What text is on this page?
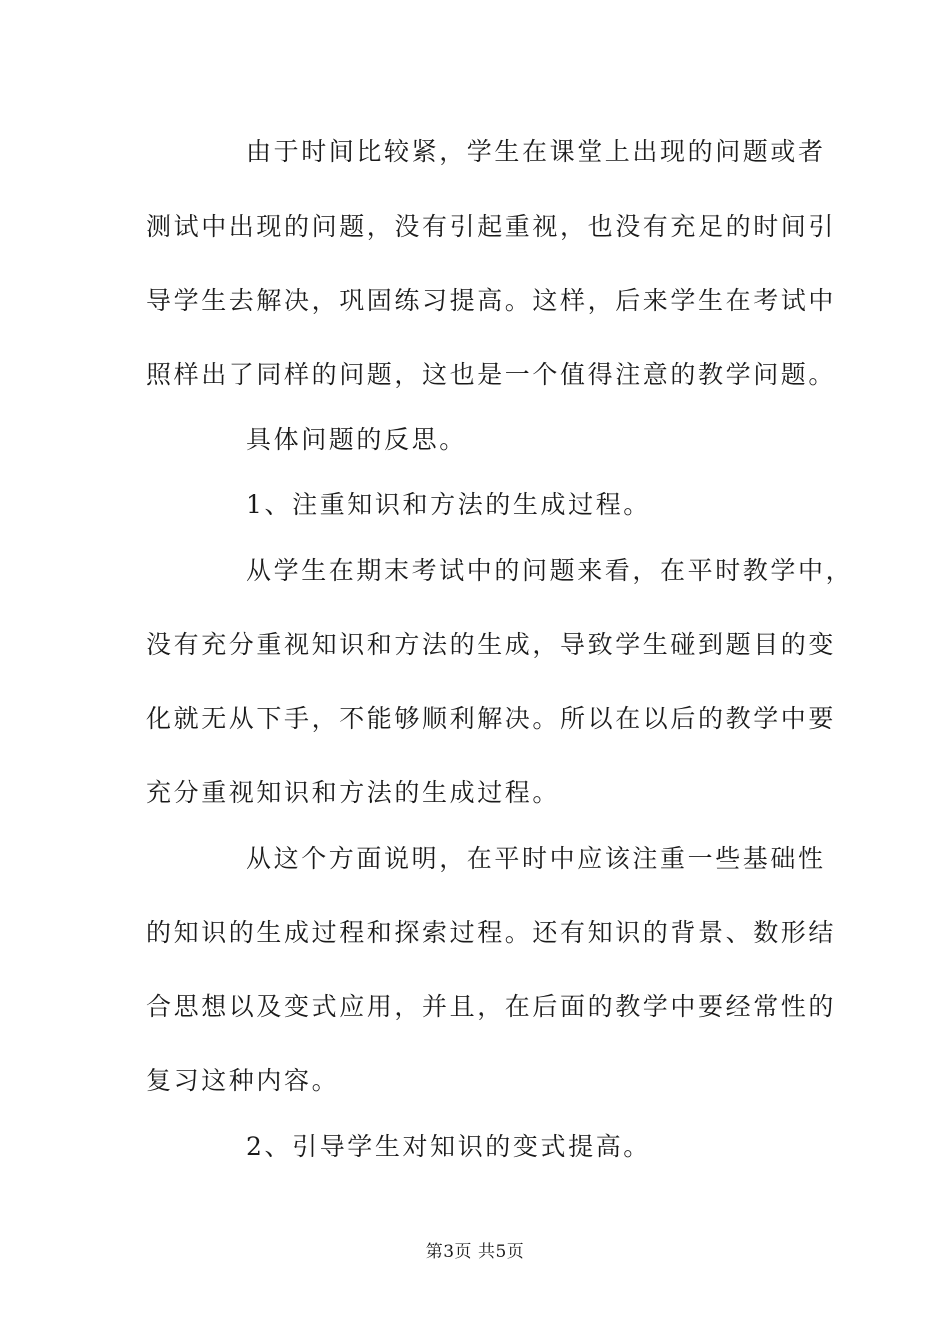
由于时间比较紧，学生在课堂上出现的问题或者
测试中出现的问题，没有引起重视，也没有充足的时间引
导学生去解决，巩固练习提高。这样，后来学生在考试中
照样出了同样的问题，这也是一个值得注意的教学问题。
具体问题的反思。
1、注重知识和方法的生成过程。
从学生在期末考试中的问题来看，在平时教学中，
没有充分重视知识和方法的生成，导致学生碰到题目的变
化就无从下手，不能够顺利解决。所以在以后的教学中要
充分重视知识和方法的生成过程。
从这个方面说明，在平时中应该注重一些基础性
的知识的生成过程和探索过程。还有知识的背景、数形结
合思想以及变式应用，并且，在后面的教学中要经常性的
复习这种内容。
2、引导学生对知识的变式提高。
第3页 共5页
